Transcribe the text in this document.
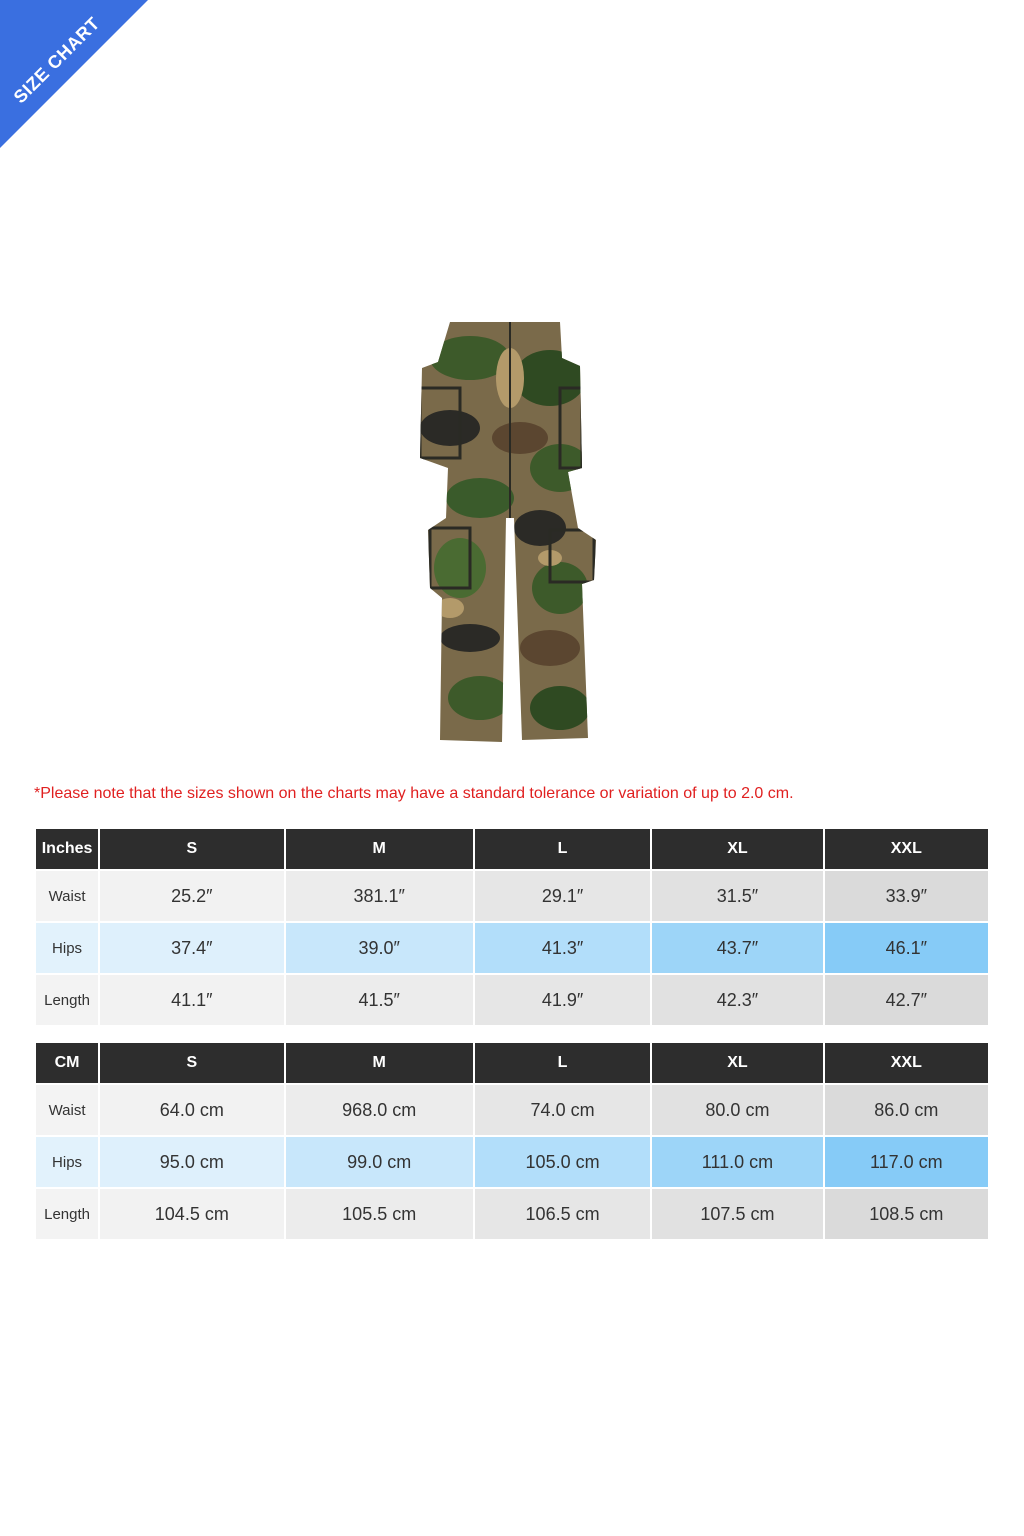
SIZE CHART
*Please note that the sizes shown on the charts may have a standard tolerance or variation of up to 2.0 cm.
Inches	S	M	L	XL	XXL
Waist	25.2″	381.1″	29.1″	31.5″	33.9″
Hips	37.4″	39.0″	41.3″	43.7″	46.1″
Length	41.1″	41.5″	41.9″	42.3″	42.7″
CM	S	M	L	XL	XXL
Waist	64.0 cm	968.0 cm	74.0 cm	80.0 cm	86.0 cm
Hips	95.0 cm	99.0 cm	105.0 cm	111.0 cm	117.0 cm
Length	104.5 cm	105.5 cm	106.5 cm	107.5 cm	108.5 cm
